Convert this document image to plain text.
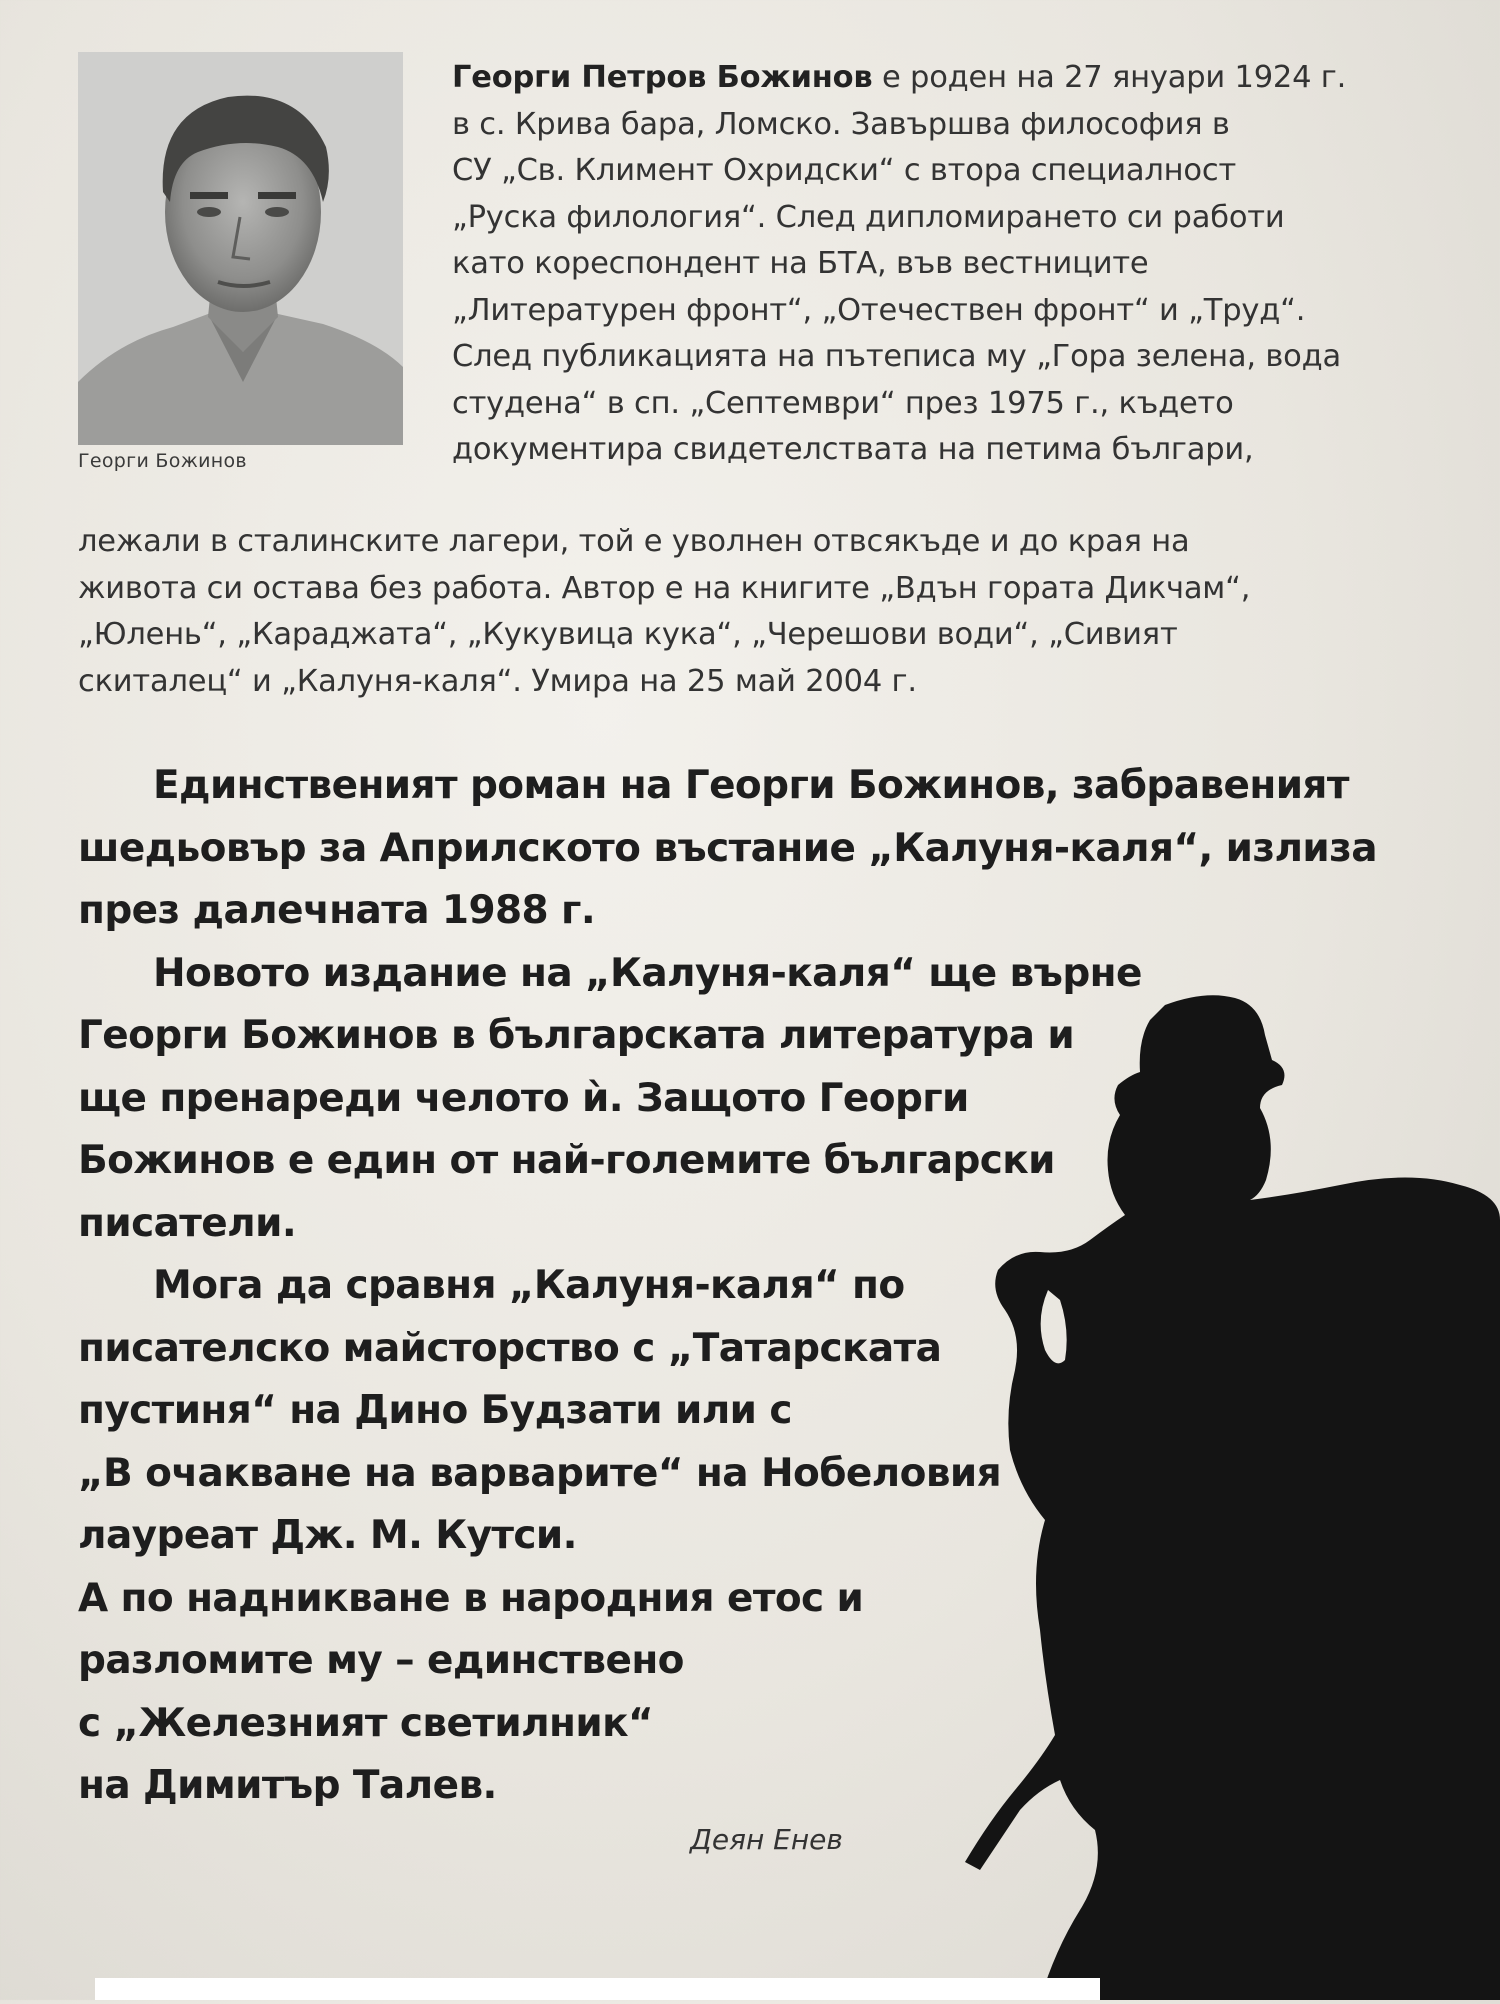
Георги Божинов
Георги Петров Божинов е роден на 27 януари 1924 г.
в с. Крива бара, Ломско. Завършва философия в
СУ „Св. Климент Охридски“ с втора специалност
„Руска филология“. След дипломирането си работи
като кореспондент на БТА, във вестниците
„Литературен фронт“, „Отечествен фронт“ и „Труд“.
След публикацията на пътеписа му „Гора зелена, вода
студена“ в сп. „Септември“ през 1975 г., където
документира свидетелствата на петима българи,
лежали в сталинските лагери, той е уволнен отвсякъде и до края на
живота си остава без работа. Автор е на книгите „Вдън гората Дикчам“,
„Юлень“, „Караджата“, „Кукувица кука“, „Черешови води“, „Сивият
скиталец“ и „Калуня-каля“. Умира на 25 май 2004 г.
Единственият роман на Георги Божинов, забравеният
шедьовър за Априлското въстание „Калуня-каля“, излиза
през далечната 1988 г.
Новото издание на „Калуня-каля“ ще върне
Георги Божинов в българската литература и
ще пренареди челото ѝ. Защото Георги
Божинов е един от най-големите български
писатели.
Мога да сравня „Калуня-каля“ по
писателско майсторство с „Татарската
пустиня“ на Дино Будзати или с
„В очакване на варварите“ на Нобеловия
лауреат Дж. М. Кутси.
А по надникване в народния етос и
разломите му – единствено
с „Железният светилник“
на Димитър Талев.
Деян Енев
